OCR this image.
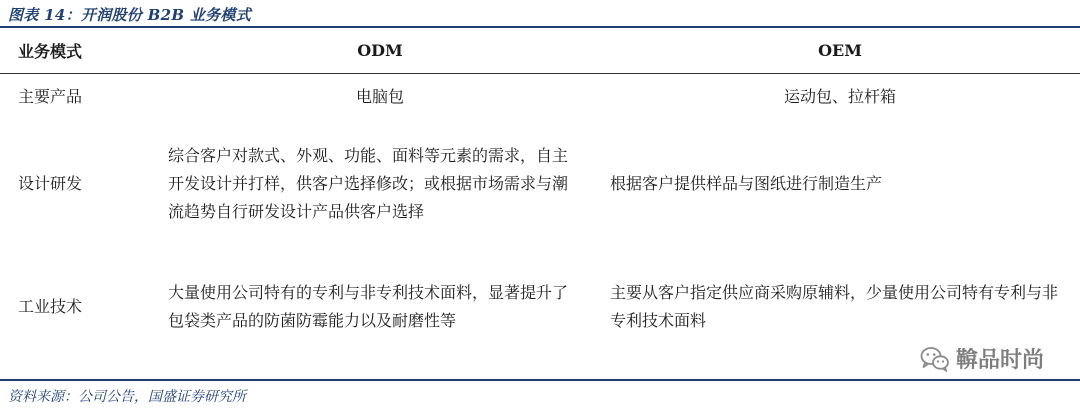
图表 14：开润股份 B2B 业务模式
业务模式	ODM	OEM
主要产品	电脑包	运动包、拉杆箱
设计研发	综合客户对款式、外观、功能、面料等元素的需求，自主开发设计并打样，供客户选择修改；或根据市场需求与潮流趋势自行研发设计产品供客户选择	根据客户提供样品与图纸进行制造生产
工业技术	大量使用公司特有的专利与非专利技术面料，显著提升了包袋类产品的防菌防霉能力以及耐磨性等	主要从客户指定供应商采购原辅料，少量使用公司特有专利与非专利技术面料
资料来源：公司公告，国盛证券研究所
鞥品时尚
